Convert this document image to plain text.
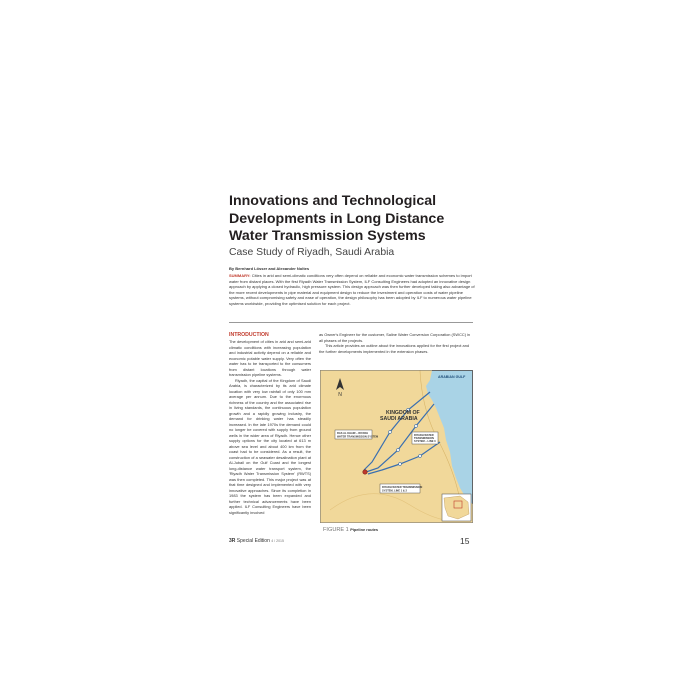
Innovations and Technological
Developments in Long Distance
Water Transmission Systems
Case Study of Riyadh, Saudi Arabia
By Bernhard Lösser and Alexander Noltes
SUMMARY: Cities in arid and semi-climatic conditions very often depend on reliable and economic water transmission schemes to import water from distant places. With the first Riyadh Water Transmission System, ILF Consulting Engineers had adopted an innovative design approach by applying a closed hydraulic, high pressure system. This design approach was then further developed taking also advantage of the more recent developments in pipe material and equipment design to reduce the investment and operation costs of water pipeline systems, without compromising safety and ease of operation, the design philosophy has been adopted by ILF to numerous water pipeline systems worldwide, providing the optimised solution for each project.
INTRODUCTION

The development of cities in arid and semi-arid climatic conditions with increasing population and industrial activity depend on a reliable and economic potable water supply. Very often the water has to be transported to the consumers from distant locations through water transmission pipeline systems.

Riyadh, the capital of the Kingdom of Saudi Arabia, is characterized by its arid climate location with very low rainfall of only 100 mm average per annum. Due to the enormous richness of the country and the associated rise in living standards, the continuous population growth and a rapidly growing industry, the demand for drinking water has steadily increased. In the late 1970s the demand could no longer be covered with supply from ground wells in the wider area of Riyadh. Hence other supply options for the city located at 613 m above sea level and about 400 km from the coast had to be considered. As a result, the construction of a seawater desalination plant at Al-Jubail on the Gulf Coast and the longest long-distance water transport system, the 'Riyadh Water Transmission System' (RWTS) was then completed. This major project was at that time designed and implemented with very innovative approaches. Since its completion in 1983 the system has been expanded and further technical advancements have been applied. ILF Consulting Engineers have been significantly involved

as Owner's Engineer for the customer, Saline Water Conversion Corporation (SWCC) in all phases of the projects.

This article provides an outline about the innovations applied for the first project and the further developments implemented in the extension phases.

N
ARABIAN GULF
KINGDOM OF
SAUDI ARABIA
RAS AL KHAIR – RIYADH
WATER TRANSMISSION SYSTEM	RIYADH WATER
TRANSMISSION
SYSTEM – LINE 3
RIYADH WATER TRANSMISSION
SYSTEM, LINE 1 & 2
FIGURE 1 Pipeline routes
3R Special Edition 4 / 2015	15
